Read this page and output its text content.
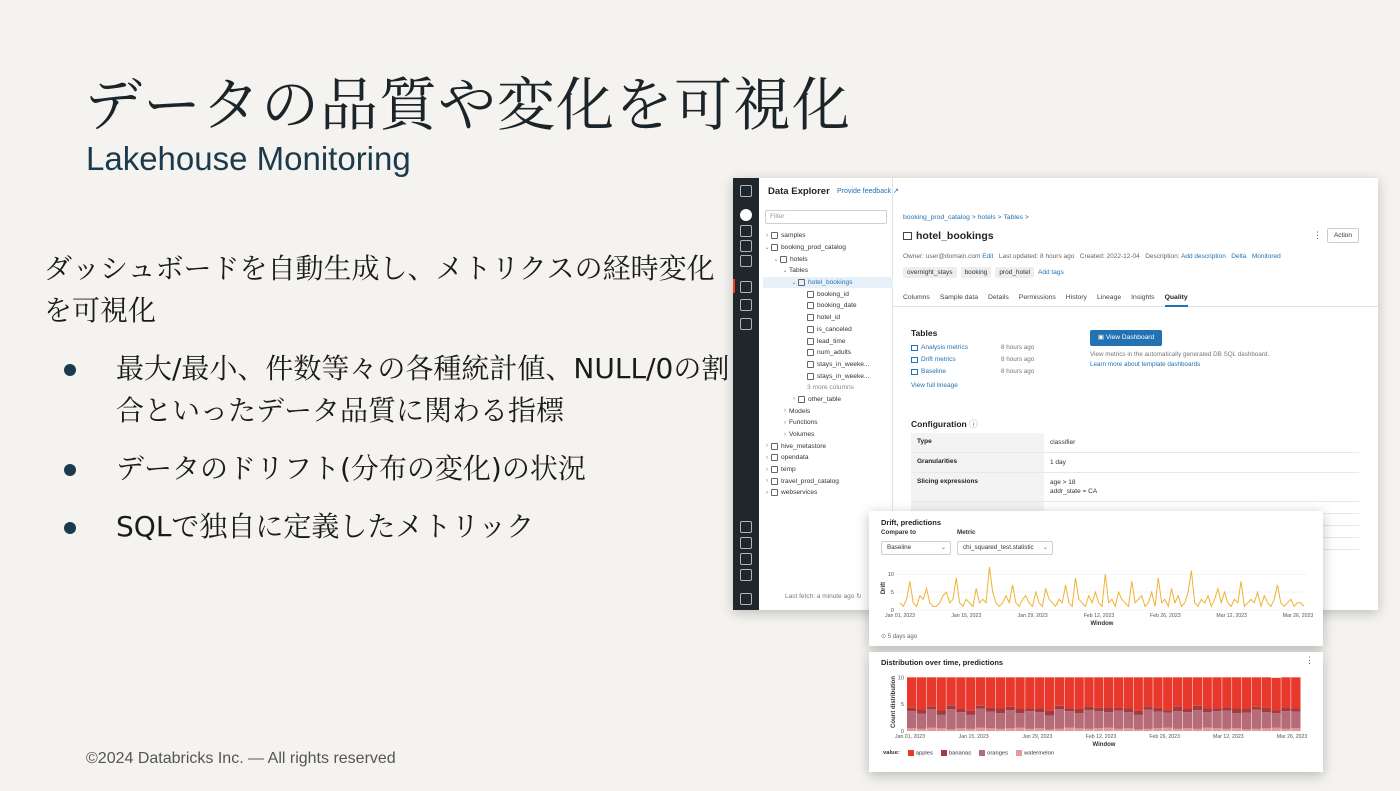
データの品質や変化を可視化
Lakehouse Monitoring
ダッシュボードを自動生成し、メトリクスの経時変化を可視化
最大/最小、件数等々の各種統計値、NULL/0の割合といったデータ品質に関わる指標
データのドリフト(分布の変化)の状況
SQLで独自に定義したメトリック
©2024 Databricks Inc. — All rights reserved
Data Explorer Provide feedback ↗
Filter
›	samples
⌄ booking_prod_catalog
⌄ hotels
⌄ Tables
⌄ hotel_bookings
booking_id
booking_date
hotel_id
is_canceled
lead_time
num_adults
stays_in_weeke...
stays_in_weeke...
3 more columns
›	other_table
› Models
› Functions
› Volumes
›	hive_metastore
›	opendata
›	temp
›	travel_prod_catalog
›	webservices
Last fetch: a minute ago ↻
booking_prod_catalog > hotels > Tables >
hotel_bookings	⋮	Action
Owner: user@domain.com Edit Last updated: 8 hours ago Created: 2022-12-04 Description: Add description Delta Monitored
overnight_stays	booking	prod_hotel	Add tags
Columns Sample data Details Permissions History Lineage Insights Quality
Tables
Analysis metrics	8 hours ago
Drift metrics	8 hours ago
Baseline	8 hours ago
View full lineage
▣ View Dashboard
View metrics in the automatically generated DB SQL dashboard.
Learn more about template dashboards
Configuration ⓘ
Type	classifier
Granularities	1 day
Slicing expressions	age > 18
addr_state = CA
Drift, predictions
Compare to
Baseline	⌄
Metric
chi_squared_test.statistic ⌄
0
5
10
Jan 01, 2023	Jan 15, 2023	Jan 29, 2023	Feb 12, 2023	Feb 26, 2023	Mar 12, 2023	Mar 26, 2023
Window
Drift
⊙ 5 days ago
Distribution over time, predictions	⋮
0
5
10
Jan 01, 2023	Jan 15, 2023	Jan 29, 2023	Feb 12, 2023	Feb 26, 2023	Mar 12, 2023	Mar 26, 2023
Window
Count distribution
value:	apples	bananas	oranges	watermelon
